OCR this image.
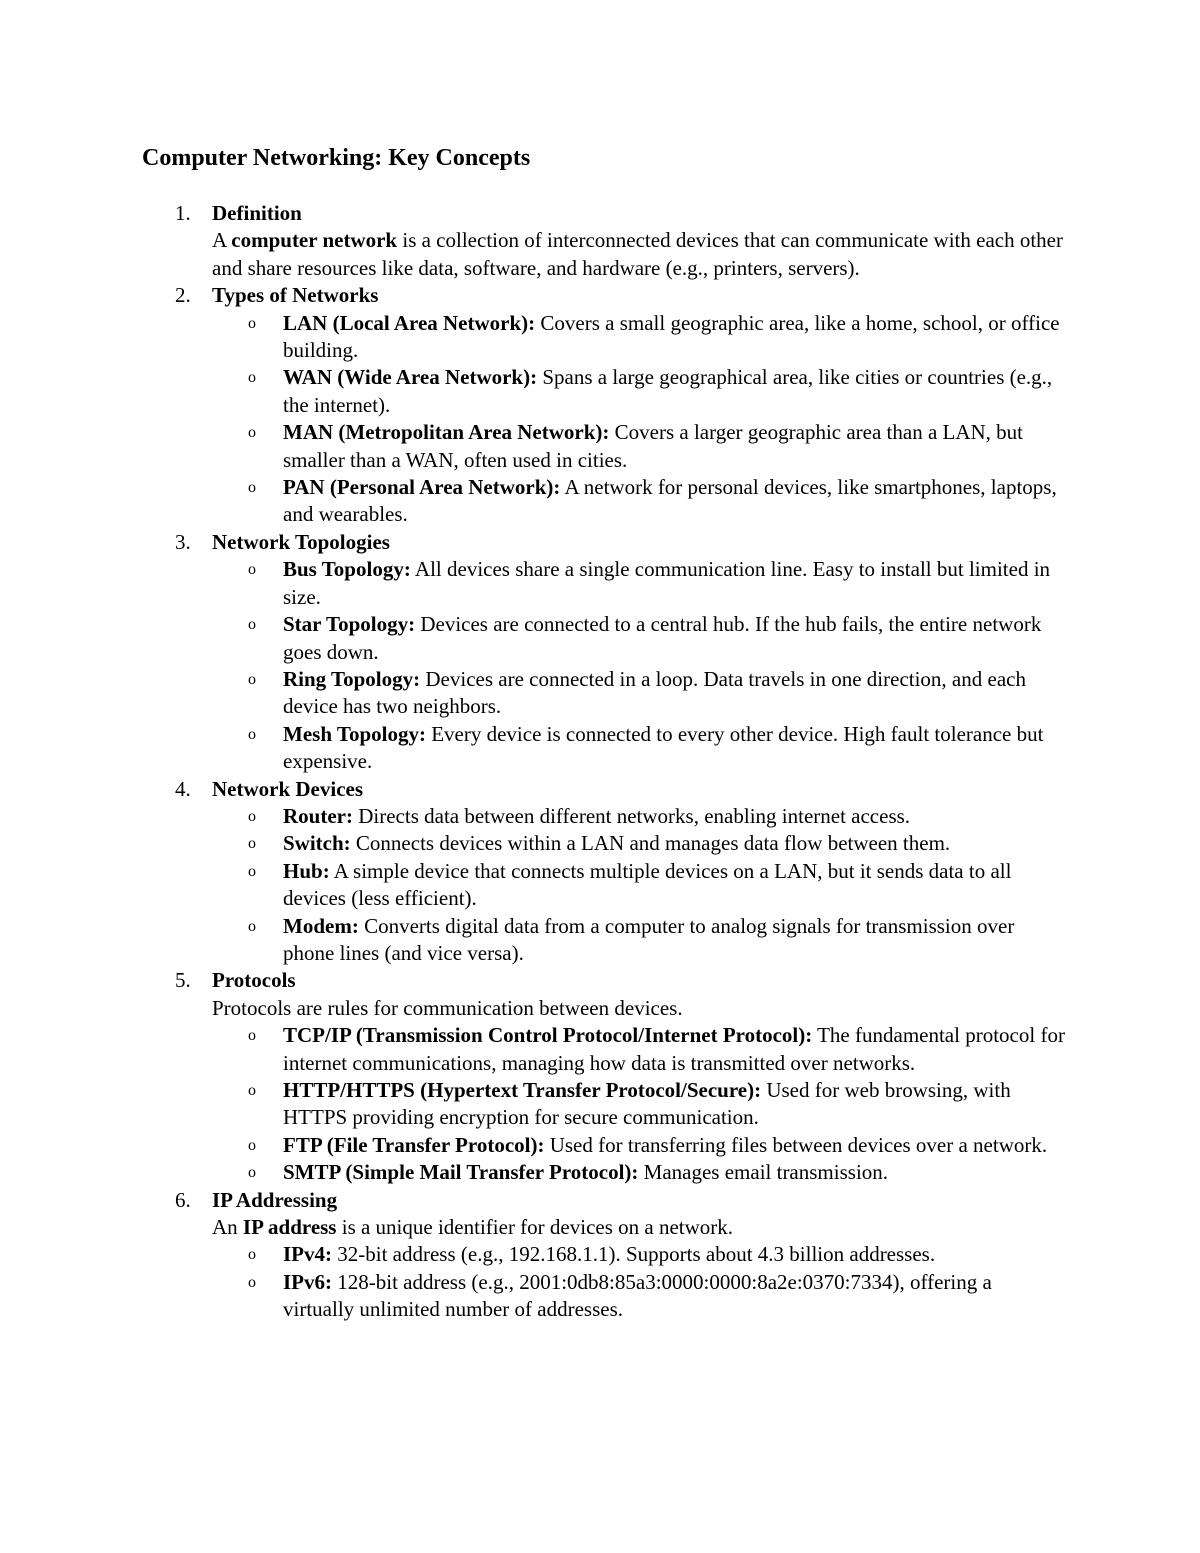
Computer Networking: Key Concepts
1. Definition
A computer network is a collection of interconnected devices that can communicate with each other and share resources like data, software, and hardware (e.g., printers, servers).
2. Types of Networks
o LAN (Local Area Network): Covers a small geographic area, like a home, school, or office building.
o WAN (Wide Area Network): Spans a large geographical area, like cities or countries (e.g., the internet).
o MAN (Metropolitan Area Network): Covers a larger geographic area than a LAN, but smaller than a WAN, often used in cities.
o PAN (Personal Area Network): A network for personal devices, like smartphones, laptops, and wearables.
3. Network Topologies
o Bus Topology: All devices share a single communication line. Easy to install but limited in size.
o Star Topology: Devices are connected to a central hub. If the hub fails, the entire network goes down.
o Ring Topology: Devices are connected in a loop. Data travels in one direction, and each device has two neighbors.
o Mesh Topology: Every device is connected to every other device. High fault tolerance but expensive.
4. Network Devices
o Router: Directs data between different networks, enabling internet access.
o Switch: Connects devices within a LAN and manages data flow between them.
o Hub: A simple device that connects multiple devices on a LAN, but it sends data to all devices (less efficient).
o Modem: Converts digital data from a computer to analog signals for transmission over phone lines (and vice versa).
5. Protocols
Protocols are rules for communication between devices.
o TCP/IP (Transmission Control Protocol/Internet Protocol): The fundamental protocol for internet communications, managing how data is transmitted over networks.
o HTTP/HTTPS (Hypertext Transfer Protocol/Secure): Used for web browsing, with HTTPS providing encryption for secure communication.
o FTP (File Transfer Protocol): Used for transferring files between devices over a network.
o SMTP (Simple Mail Transfer Protocol): Manages email transmission.
6. IP Addressing
An IP address is a unique identifier for devices on a network.
o IPv4: 32-bit address (e.g., 192.168.1.1). Supports about 4.3 billion addresses.
o IPv6: 128-bit address (e.g., 2001:0db8:85a3:0000:0000:8a2e:0370:7334), offering a virtually unlimited number of addresses.
